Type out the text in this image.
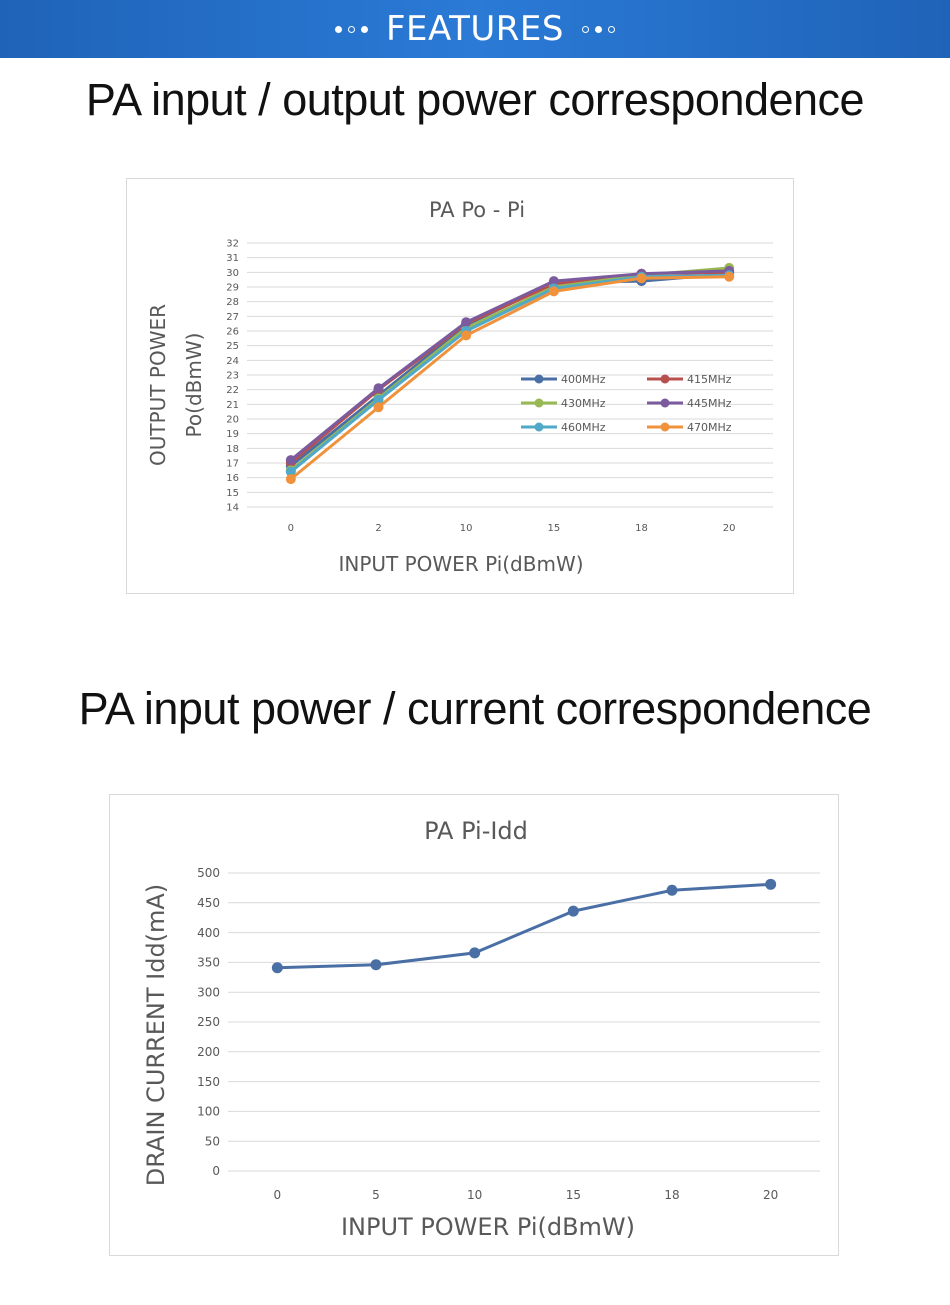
FEATURES
PA input / output power correspondence
PA Po - Pi
14
15
16
17
18
19
20
21
22
23
24
25
26
27
28
29
30
31
32
0	2	10	15	18	20
INPUT POWER Pi(dBmW)
OUTPUT POWER Po(dBmW)	400MHz	415MHz
430MHz	445MHz
460MHz	470MHz
PA input power / current correspondence
PA Pi-Idd
0
50
100
150
200
250
300
350
400
450
500
0	5	10	15	18	20
INPUT POWER Pi(dBmW)
DRAIN CURRENT Idd(mA)
